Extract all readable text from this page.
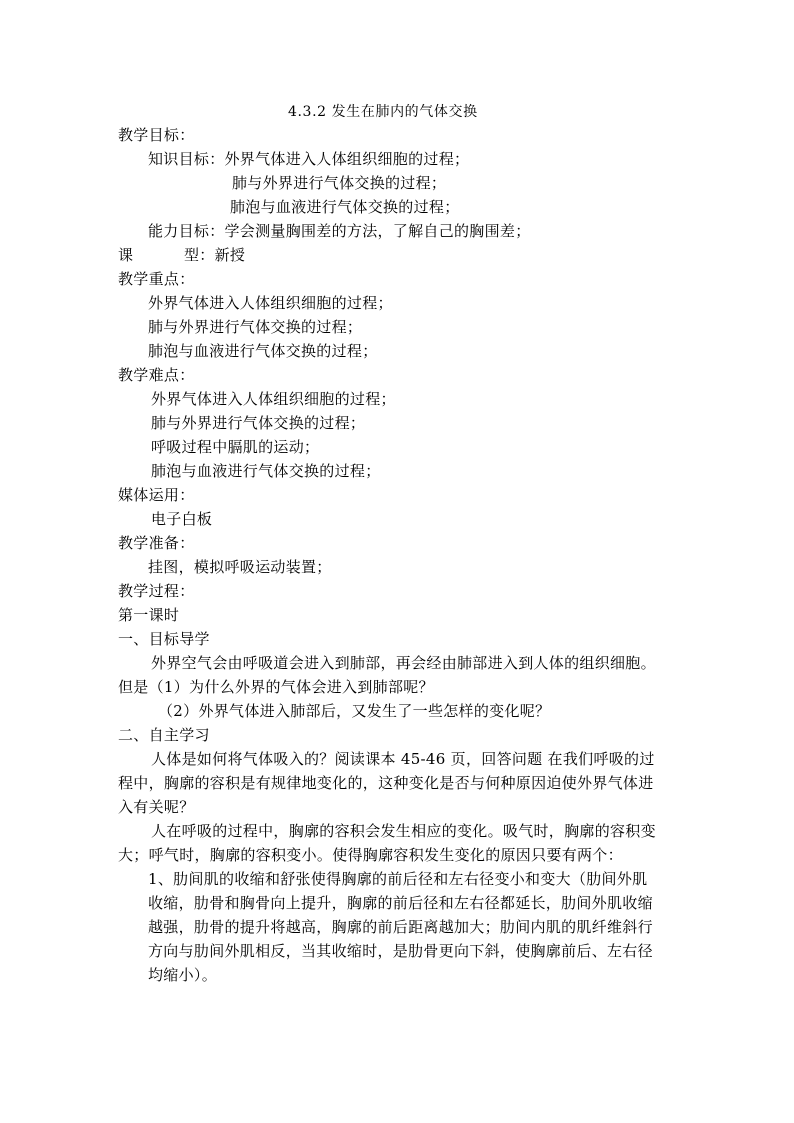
4.3.2 发生在肺内的气体交换
教学目标：
知识目标：外界气体进入人体组织细胞的过程；
肺与外界进行气体交换的过程；
肺泡与血液进行气体交换的过程；
能力目标：学会测量胸围差的方法，了解自己的胸围差；
课	型：新授
教学重点：
外界气体进入人体组织细胞的过程；
肺与外界进行气体交换的过程；
肺泡与血液进行气体交换的过程；
教学难点：
外界气体进入人体组织细胞的过程；
肺与外界进行气体交换的过程；
呼吸过程中膈肌的运动；
肺泡与血液进行气体交换的过程；
媒体运用：
电子白板
教学准备：
挂图，模拟呼吸运动装置；
教学过程：
第一课时
一、目标导学
外界空气会由呼吸道会进入到肺部，再会经由肺部进入到人体的组织细胞。
但是（1）为什么外界的气体会进入到肺部呢？
（2）外界气体进入肺部后，又发生了一些怎样的变化呢？
二、自主学习
人体是如何将气体吸入的？阅读课本 45-46 页，回答问题 在我们呼吸的过
程中，胸廓的容积是有规律地变化的，这种变化是否与何种原因迫使外界气体进
入有关呢？
人在呼吸的过程中，胸廓的容积会发生相应的变化。吸气时，胸廓的容积变
大；呼气时，胸廓的容积变小。使得胸廓容积发生变化的原因只要有两个：
1、肋间肌的收缩和舒张使得胸廓的前后径和左右径变小和变大（肋间外肌
收缩，肋骨和胸骨向上提升，胸廓的前后径和左右径都延长，肋间外肌收缩
越强，肋骨的提升将越高，胸廓的前后距离越加大；肋间内肌的肌纤维斜行
方向与肋间外肌相反，当其收缩时，是肋骨更向下斜，使胸廓前后、左右径
均缩小）。
